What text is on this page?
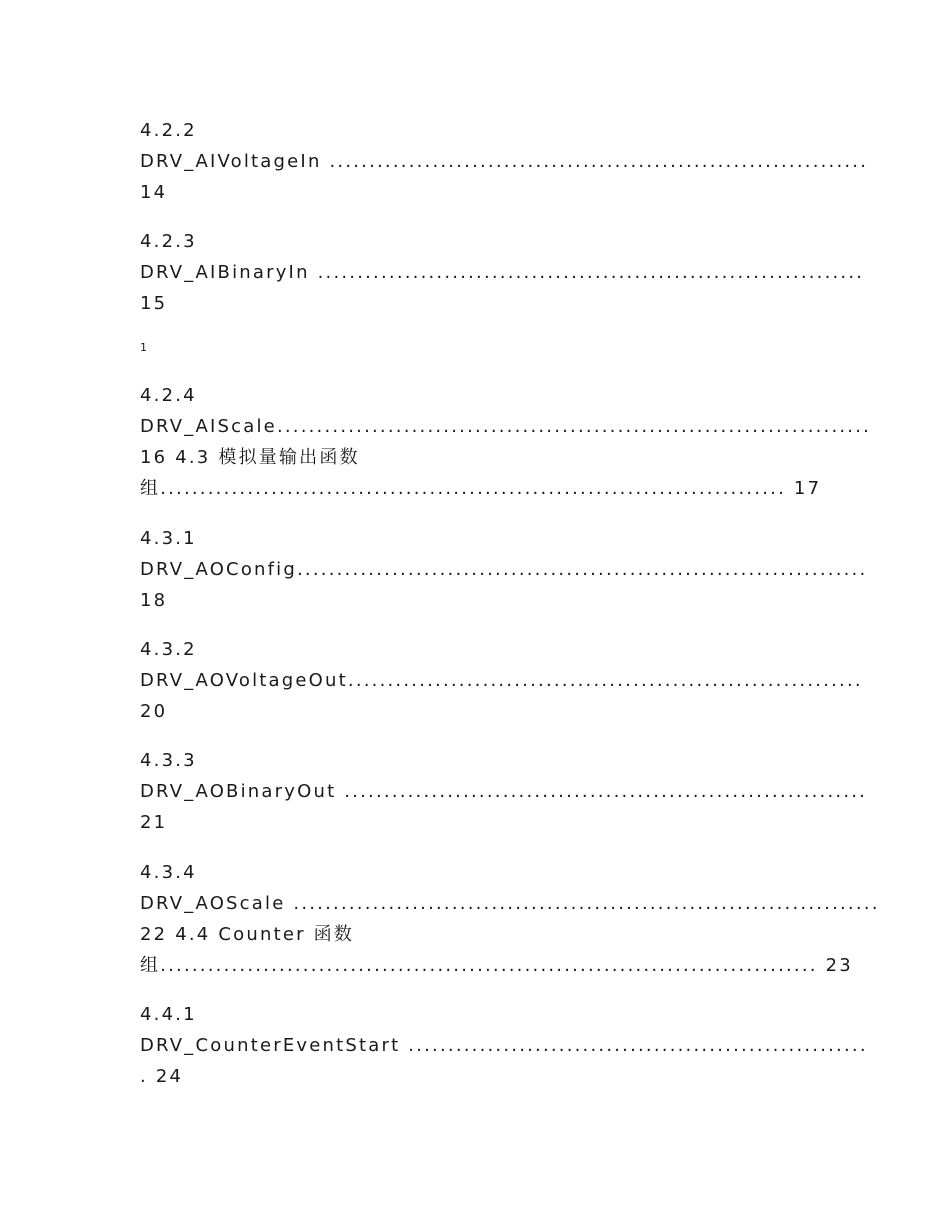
4.2.2

DRV_AIVoltageIn ....................................................................

14

4.2.3

DRV_AIBinaryIn .....................................................................

15

1

4.2.4

DRV_AIScale...........................................................................

16 4.3 模拟量输出函数

组............................................................................... 17

4.3.1

DRV_AOConfig........................................................................

18

4.3.2

DRV_AOVoltageOut.................................................................

20

4.3.3

DRV_AOBinaryOut ..................................................................

21

4.3.4

DRV_AOScale ..........................................................................

22 4.4 Counter 函数

组................................................................................... 23

4.4.1

DRV_CounterEventStart ..........................................................

. 24
